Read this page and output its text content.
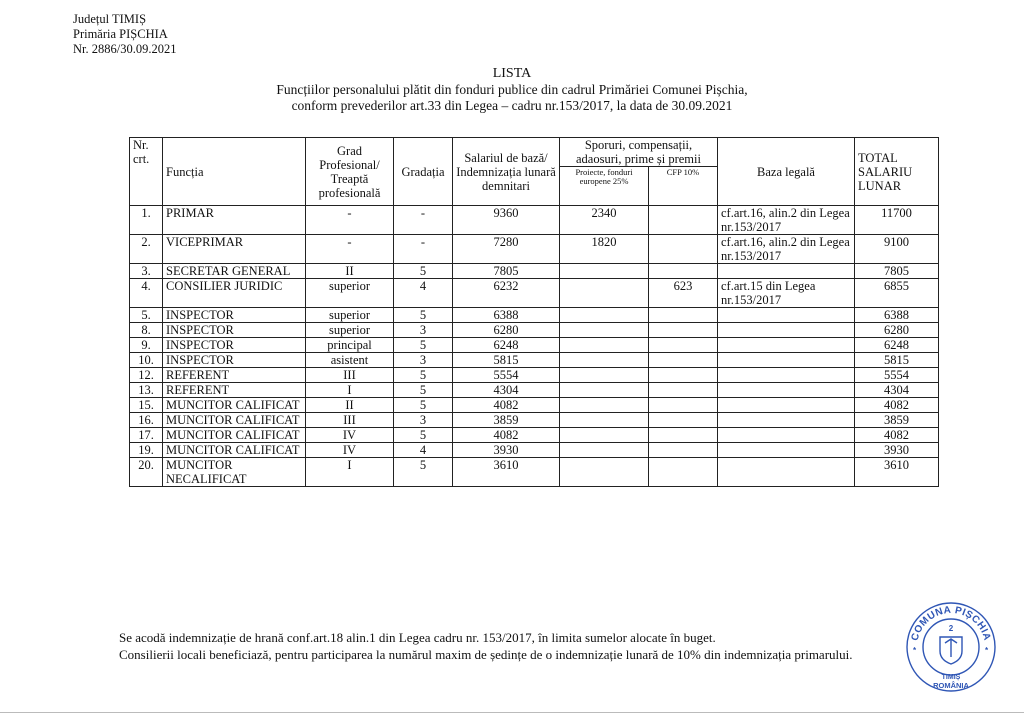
Județul TIMIȘ
Primăria PIȘCHIA
Nr. 2886/30.09.2021
LISTA
Funcțiilor personalului plătit din fonduri publice din cadrul Primăriei Comunei Pișchia,
conform prevederilor art.33 din Legea – cadru nr.153/2017, la data de 30.09.2021
Nr. crt.	Funcția	Grad Profesional/ Treaptă profesională	Gradația	Salariul de bază/ Indemnizația lunară demnitari	Sporuri, compensații, adaosuri, prime și premii		Baza legală	TOTAL SALARIU LUNAR
					Proiecte, fonduri europene 25%	CFP 10%		
1.	PRIMAR	-	-	9360	2340		cf.art.16, alin.2 din Legea nr.153/2017	11700
2.	VICEPRIMAR	-	-	7280	1820		cf.art.16, alin.2 din Legea nr.153/2017	9100
3.	SECRETAR GENERAL	II	5	7805				7805
4.	CONSILIER JURIDIC	superior	4	6232		623	cf.art.15 din Legea nr.153/2017	6855
5.	INSPECTOR	superior	5	6388				6388
8.	INSPECTOR	superior	3	6280				6280
9.	INSPECTOR	principal	5	6248				6248
10.	INSPECTOR	asistent	3	5815				5815
12.	REFERENT	III	5	5554				5554
13.	REFERENT	I	5	4304				4304
15.	MUNCITOR CALIFICAT	II	5	4082				4082
16.	MUNCITOR CALIFICAT	III	3	3859				3859
17.	MUNCITOR CALIFICAT	IV	5	4082				4082
19.	MUNCITOR CALIFICAT	IV	4	3930				3930
20.	MUNCITOR NECALIFICAT	I	5	3610				3610

Se acodă indemnizație de hrană conf.art.18 alin.1 din Legea cadru nr. 153/2017, în limita sumelor alocate în buget.

Consilierii locali beneficiază, pentru participarea la numărul maxim de ședințe de o indemnizație lunară de 10% din indemnizația primarului.

COMUNA PIȘCHIA
2
TIMIȘ
ROMÂNIA
*	*
